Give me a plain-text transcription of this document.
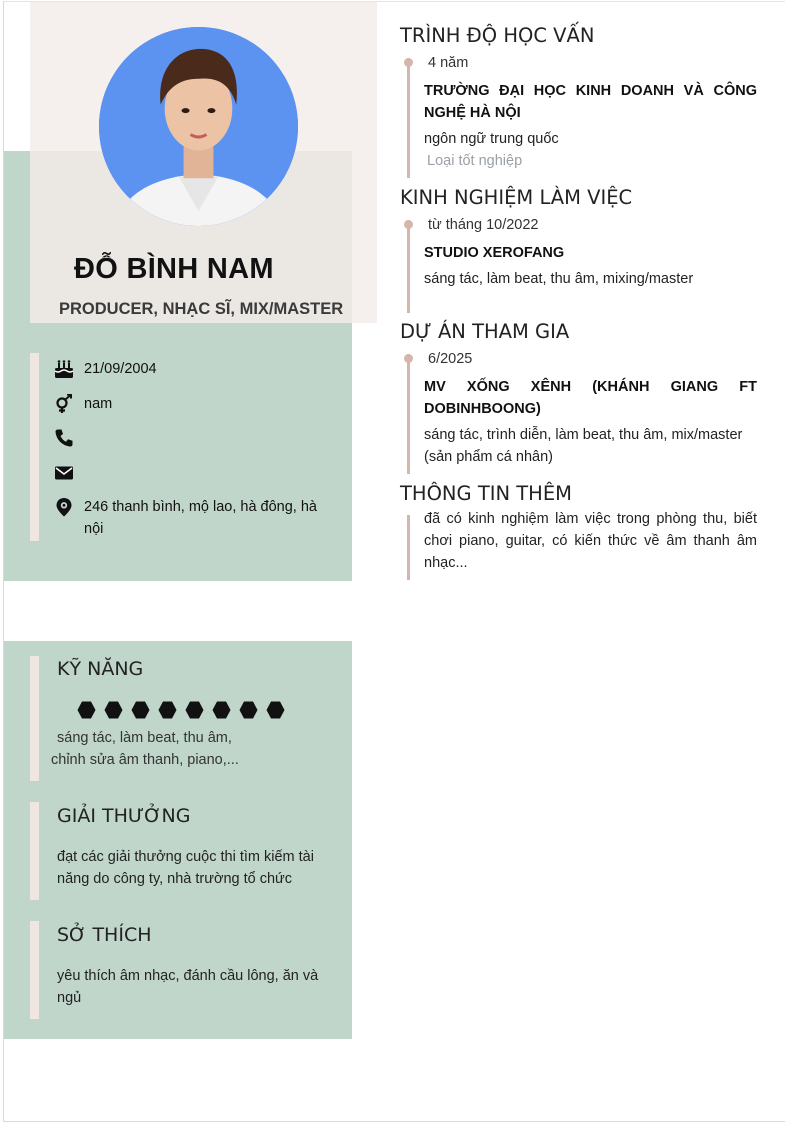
ĐỖ BÌNH NAM
PRODUCER, NHẠC SĨ, MIX/MASTER
21/09/2004
nam
246 thanh bình, mộ lao, hà đông, hà nội
KỸ NĂNG
sáng tác, làm beat, thu âm, chỉnh sửa âm thanh, piano,...
GIẢI THƯỞNG
đạt các giải thưởng cuộc thi tìm kiếm tài năng do công ty, nhà trường tổ chức
SỞ THÍCH
yêu thích âm nhạc, đánh cầu lông, ăn và ngủ
TRÌNH ĐỘ HỌC VẤN
4 năm
TRƯỜNG ĐẠI HỌC KINH DOANH VÀ CÔNG NGHỆ HÀ NỘI
ngôn ngữ trung quốc
Loại tốt nghiệp
KINH NGHIỆM LÀM VIỆC
từ tháng 10/2022
STUDIO XEROFANG
sáng tác, làm beat, thu âm, mixing/master
DỰ ÁN THAM GIA
6/2025
MV XỐNG XÊNH (KHÁNH GIANG FT DOBINHBOONG)
sáng tác, trình diễn, làm beat, thu âm, mix/master (sản phẩm cá nhân)
THÔNG TIN THÊM
đã có kinh nghiệm làm việc trong phòng thu, biết chơi piano, guitar, có kiến thức về âm thanh âm nhạc...
